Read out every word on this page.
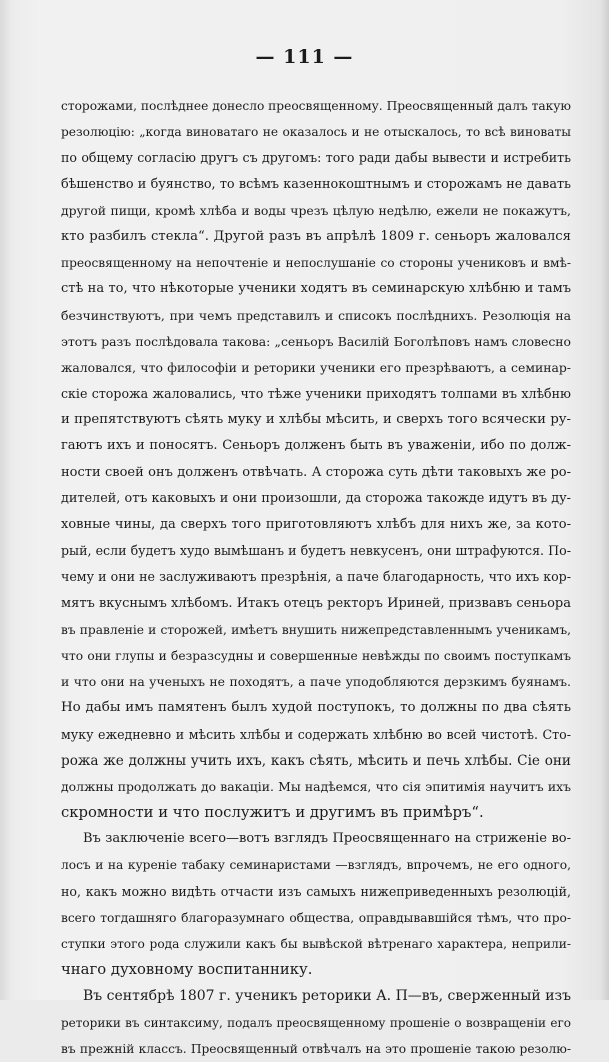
— 111 —
сторожами, послѣднее донесло преосвященному. Преосвященный далъ такую
резолюцію: „когда виноватаго не оказалось и не отыскалось, то всѣ виноваты
по общему согласію другъ съ другомъ: того ради дабы вывести и истребить
бѣшенство и буянство, то всѣмъ казеннокоштнымъ и сторожамъ не давать
другой пищи, кромѣ хлѣба и воды чрезъ цѣлую недѣлю, ежели не покажутъ,
кто разбилъ стекла“. Другой разъ въ апрѣлѣ 1809 г. сеньоръ жаловался
преосвященному на непочтеніе и непослушаніе со стороны учениковъ и вмѣ-
стѣ на то, что нѣкоторые ученики ходятъ въ семинарскую хлѣбню и тамъ
безчинствуютъ, при чемъ представилъ и списокъ послѣднихъ. Резолюція на
этотъ разъ послѣдовала такова: „сеньоръ Василій Боголѣповъ намъ словесно
жаловался, что философіи и реторики ученики его презрѣваютъ, а семинар-
скіе сторожа жаловались, что тѣже ученики приходятъ толпами въ хлѣбню
и препятствуютъ сѣять муку и хлѣбы мѣсить, и сверхъ того всячески ру-
гаютъ ихъ и поносятъ. Сеньоръ долженъ быть въ уваженіи, ибо по долж-
ности своей онъ долженъ отвѣчать. А сторожа суть дѣти таковыхъ же ро-
дителей, отъ каковыхъ и они произошли, да сторожа такожде идутъ въ ду-
ховные чины, да сверхъ того приготовляютъ хлѣбъ для нихъ же, за кото-
рый, если будетъ худо вымѣшанъ и будетъ невкусенъ, они штрафуются. По-
чему и они не заслуживаютъ презрѣнія, а паче благодарность, что ихъ кор-
мятъ вкуснымъ хлѣбомъ. Итакъ отецъ ректоръ Ириней, призвавъ сеньора
въ правленіе и сторожей, имѣетъ внушить нижепредставленнымъ ученикамъ,
что они глупы и безразсудны и совершенные невѣжды по своимъ поступкамъ
и что они на ученыхъ не походятъ, а паче уподобляются дерзкимъ буянамъ.
Но дабы имъ памятенъ былъ худой поступокъ, то должны по два сѣять
муку ежедневно и мѣсить хлѣбы и содержать хлѣбню во всей чистотѣ. Сто-
рожа же должны учить ихъ, какъ сѣять, мѣсить и печь хлѣбы. Сіе они
должны продолжать до вакаціи. Мы надѣемся, что сія эпитимія научитъ ихъ
скромности и что послужитъ и другимъ въ примѣръ“.
Въ заключеніе всего—вотъ взглядъ Преосвященнаго на стриженіе во-
лосъ и на куреніе табаку семинаристами —взглядъ, впрочемъ, не его одного,
но, какъ можно видѣть отчасти изъ самыхъ нижеприведенныхъ резолюцій,
всего тогдашняго благоразумнаго общества, оправдывавшійся тѣмъ, что про-
ступки этого рода служили какъ бы вывѣской вѣтренаго характера, неприли-
чнаго духовному воспитаннику.
Въ сентябрѣ 1807 г. ученикъ реторики А. П—въ, сверженный изъ
реторики въ синтаксиму, подалъ преосвященному прошеніе о возвращеніи его
въ прежній классъ. Преосвященный отвѣчалъ на это прошеніе такою резолю-
